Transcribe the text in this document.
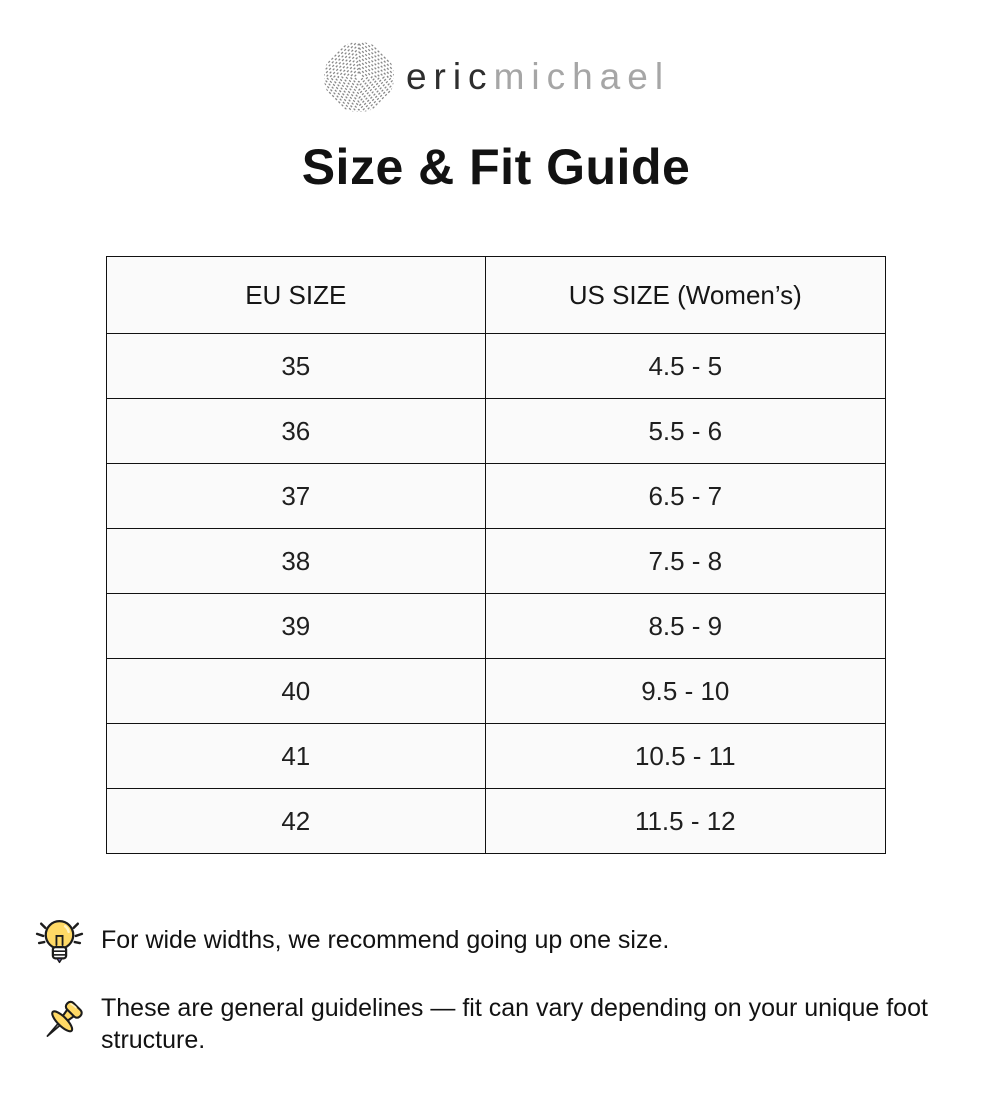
ericmichael
Size & Fit Guide
EU SIZE	US SIZE (Women’s)
35	4.5 - 5
36	5.5 - 6
37	6.5 - 7
38	7.5 - 8
39	8.5 - 9
40	9.5 - 10
41	10.5 - 11
42	11.5 - 12

For wide widths, we recommend going up one size.

These are general guidelines — fit can vary depending on your unique foot structure.
